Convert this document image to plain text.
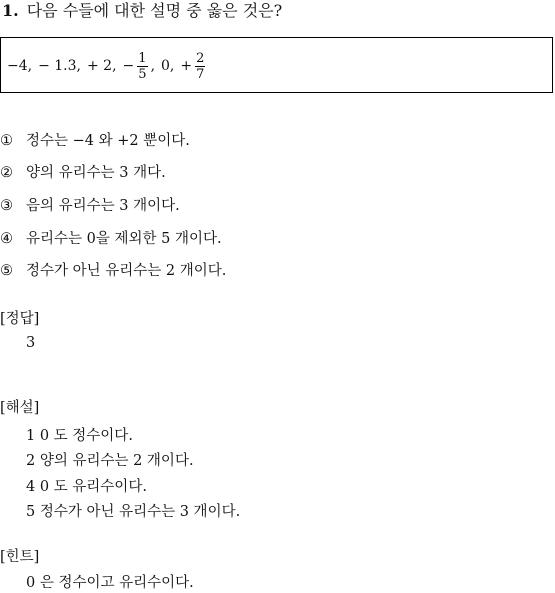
1. 다음 수들에 대한 설명 중 옳은 것은?
−4, − 1.3, + 2, − $\frac{1}{5}$ , 0, + $\frac{2}{7}$
① 정수는 −4 와 +2 뿐이다.
② 양의 유리수는 3 개다.
③ 음의 유리수는 3 개이다.
④ 유리수는 0을 제외한 5 개이다.
⑤ 정수가 아닌 유리수는 2 개이다.
[정답]
3
[해설]
1 0 도 정수이다.
2 양의 유리수는 2 개이다.
4 0 도 유리수이다.
5 정수가 아닌 유리수는 3 개이다.
[힌트]
0 은 정수이고 유리수이다.
